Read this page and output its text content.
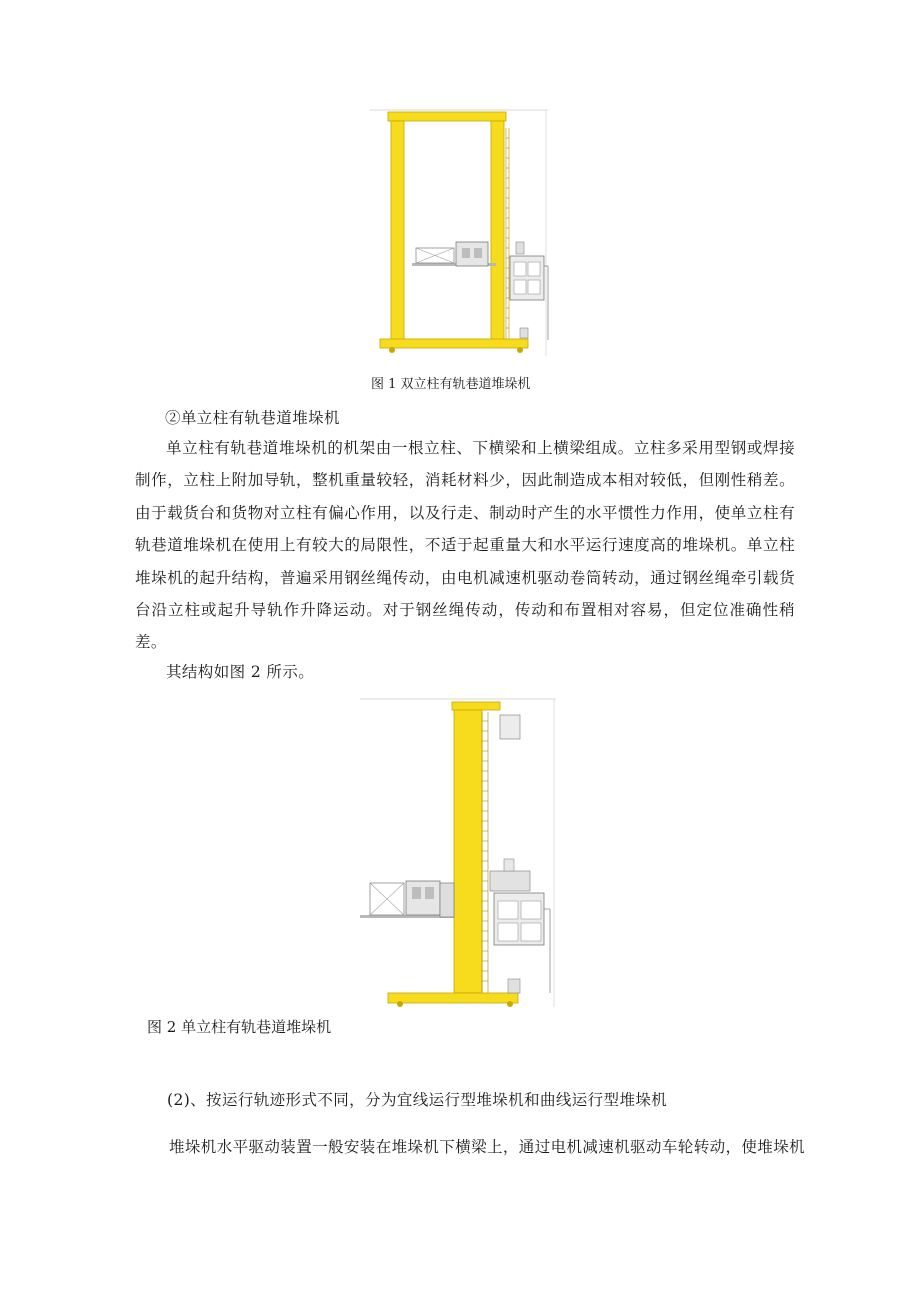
图 1 双立柱有轨巷道堆垛机
②单立柱有轨巷道堆垛机

单立柱有轨巷道堆垛机的机架由一根立柱、下横梁和上横梁组成。立柱多采用型钢或焊接制作，立柱上附加导轨，整机重量较轻，消耗材料少，因此制造成本相对较低，但刚性稍差。由于载货台和货物对立柱有偏心作用，以及行走、制动时产生的水平惯性力作用，使单立柱有轨巷道堆垛机在使用上有较大的局限性，不适于起重量大和水平运行速度高的堆垛机。单立柱堆垛机的起升结构，普遍采用钢丝绳传动，由电机减速机驱动卷筒转动，通过钢丝绳牵引载货台沿立柱或起升导轨作升降运动。对于钢丝绳传动，传动和布置相对容易，但定位准确性稍差。

其结构如图 2 所示。
图 2 单立柱有轨巷道堆垛机
(2)、按运行轨迹形式不同，分为宜线运行型堆垛机和曲线运行型堆垛机
堆垛机水平驱动装置一般安装在堆垛机下横梁上，通过电机减速机驱动车轮转动，使堆垛机
